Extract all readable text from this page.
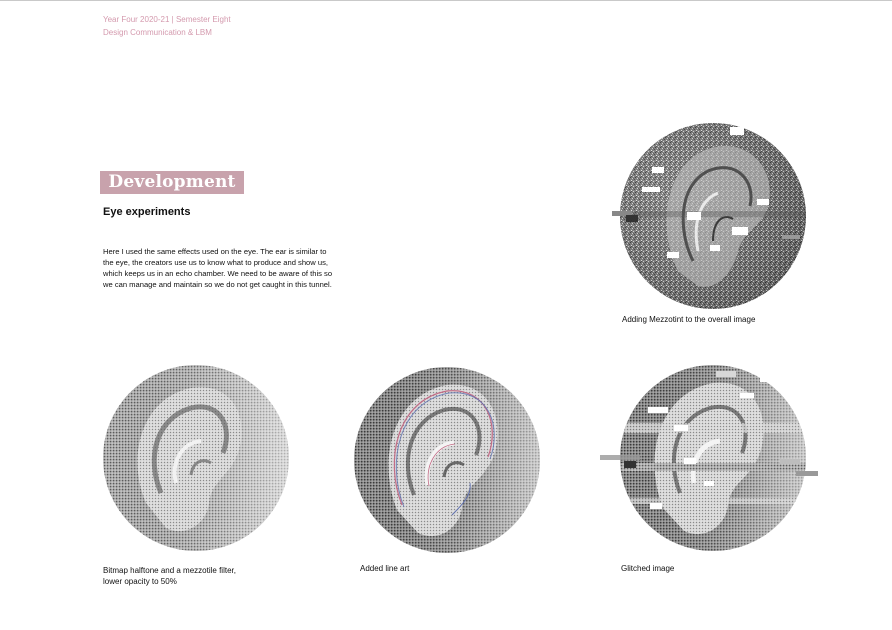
Year Four 2020-21 | Semester Eight
Design Communication & LBM
Development
Eye experiments
Here I used the same effects used on the eye. The ear is similar to the eye, the creators use us to know what to produce and show us, which keeps us in an echo chamber. We need to be aware of this so we can manage and maintain so we do not get caught in this tunnel.
Adding Mezzotint to the overall image
Bitmap halftone and a mezzotile filter,
lower opacity to 50%
Added line art	Glitched image
